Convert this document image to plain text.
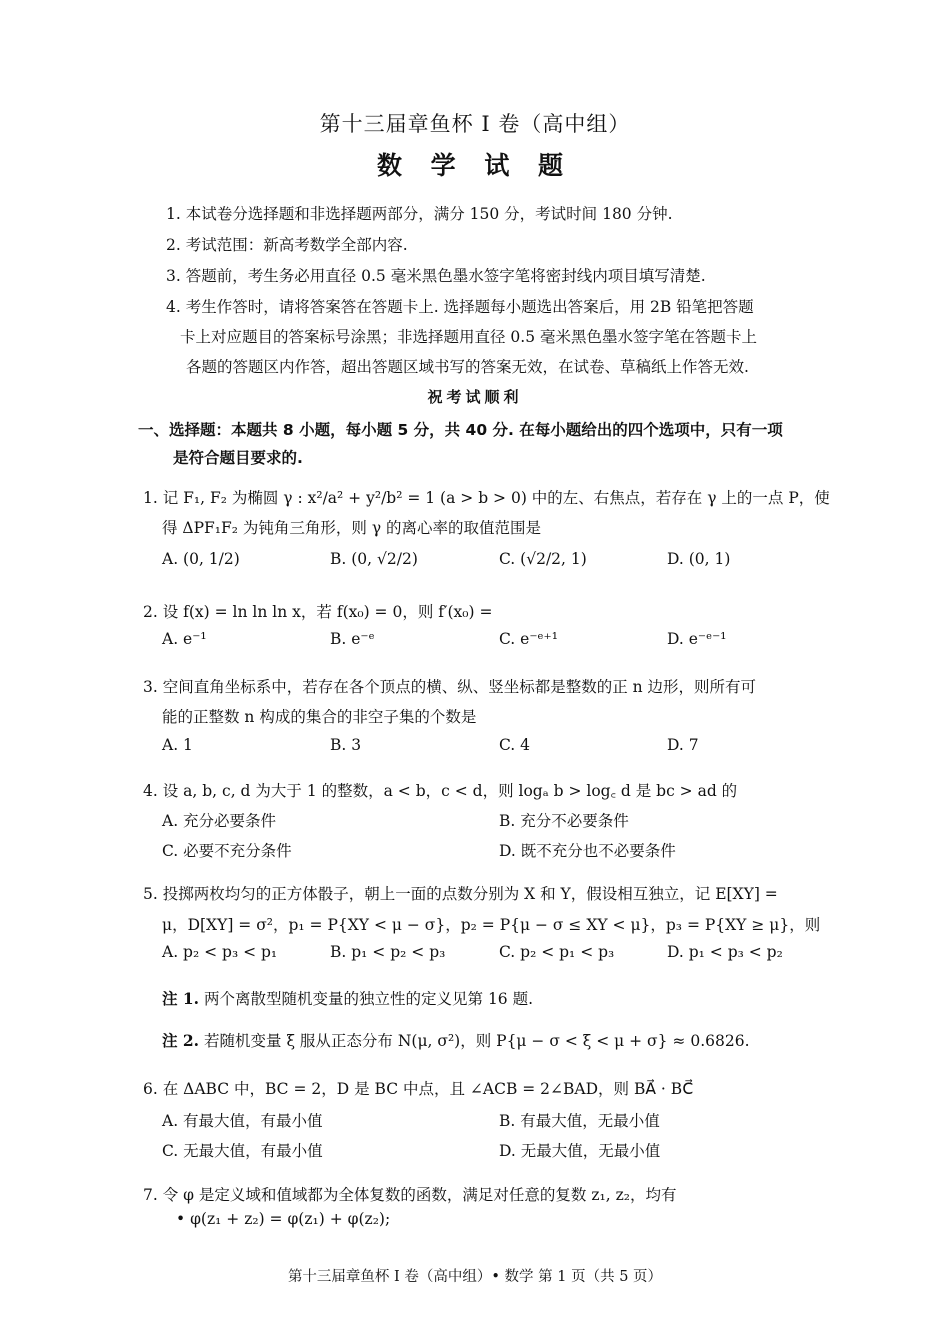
第十三届章鱼杯 I 卷（高中组）
数 学 试 题
1. 本试卷分选择题和非选择题两部分，满分 150 分，考试时间 180 分钟.
2. 考试范围：新高考数学全部内容.
3. 答题前，考生务必用直径 0.5 毫米黑色墨水签字笔将密封线内项目填写清楚.
4. 考生作答时，请将答案答在答题卡上. 选择题每小题选出答案后，用 2B 铅笔把答题
卡上对应题目的答案标号涂黑；非选择题用直径 0.5 毫米黑色墨水签字笔在答题卡上
各题的答题区内作答，超出答题区域书写的答案无效，在试卷、草稿纸上作答无效.
祝考试顺利
一、选择题：本题共 8 小题，每小题 5 分，共 40 分. 在每小题给出的四个选项中，只有一项
是符合题目要求的.
1. 记 F₁, F₂ 为椭圆 γ : x²/a² + y²/b² = 1 (a > b > 0) 中的左、右焦点，若存在 γ 上的一点 P，使
得 ΔPF₁F₂ 为钝角三角形，则 γ 的离心率的取值范围是
A. (0, 1/2)	B. (0, √2/2)	C. (√2/2, 1)	D. (0, 1)
2. 设 f(x) = ln ln ln x，若 f(x₀) = 0，则 f′(x₀) =
A. e⁻¹	B. e⁻ᵉ	C. e⁻ᵉ⁺¹	D. e⁻ᵉ⁻¹
3. 空间直角坐标系中，若存在各个顶点的横、纵、竖坐标都是整数的正 n 边形，则所有可
能的正整数 n 构成的集合的非空子集的个数是
A. 1	B. 3	C. 4	D. 7
4. 设 a, b, c, d 为大于 1 的整数，a < b，c < d，则 logₐ b > log꜀ d 是 bc > ad 的
A. 充分必要条件	B. 充分不必要条件
C. 必要不充分条件	D. 既不充分也不必要条件
5. 投掷两枚均匀的正方体骰子，朝上一面的点数分别为 X 和 Y，假设相互独立，记 E[XY] =
μ，D[XY] = σ²，p₁ = P{XY < μ − σ}，p₂ = P{μ − σ ≤ XY < μ}，p₃ = P{XY ≥ μ}，则
A. p₂ < p₃ < p₁	B. p₁ < p₂ < p₃	C. p₂ < p₁ < p₃	D. p₁ < p₃ < p₂
注 1. 两个离散型随机变量的独立性的定义见第 16 题.
注 2. 若随机变量 ξ 服从正态分布 N(μ, σ²)，则 P{μ − σ < ξ < μ + σ} ≈ 0.6826.
6. 在 ΔABC 中，BC = 2，D 是 BC 中点，且 ∠ACB = 2∠BAD，则 BA⃗ · BC⃗
A. 有最大值，有最小值	B. 有最大值，无最小值
C. 无最大值，有最小值	D. 无最大值，无最小值
7. 令 φ 是定义域和值域都为全体复数的函数，满足对任意的复数 z₁, z₂，均有
• φ(z₁ + z₂) = φ(z₁) + φ(z₂);
第十三届章鱼杯 I 卷（高中组）• 数学 第 1 页（共 5 页）
